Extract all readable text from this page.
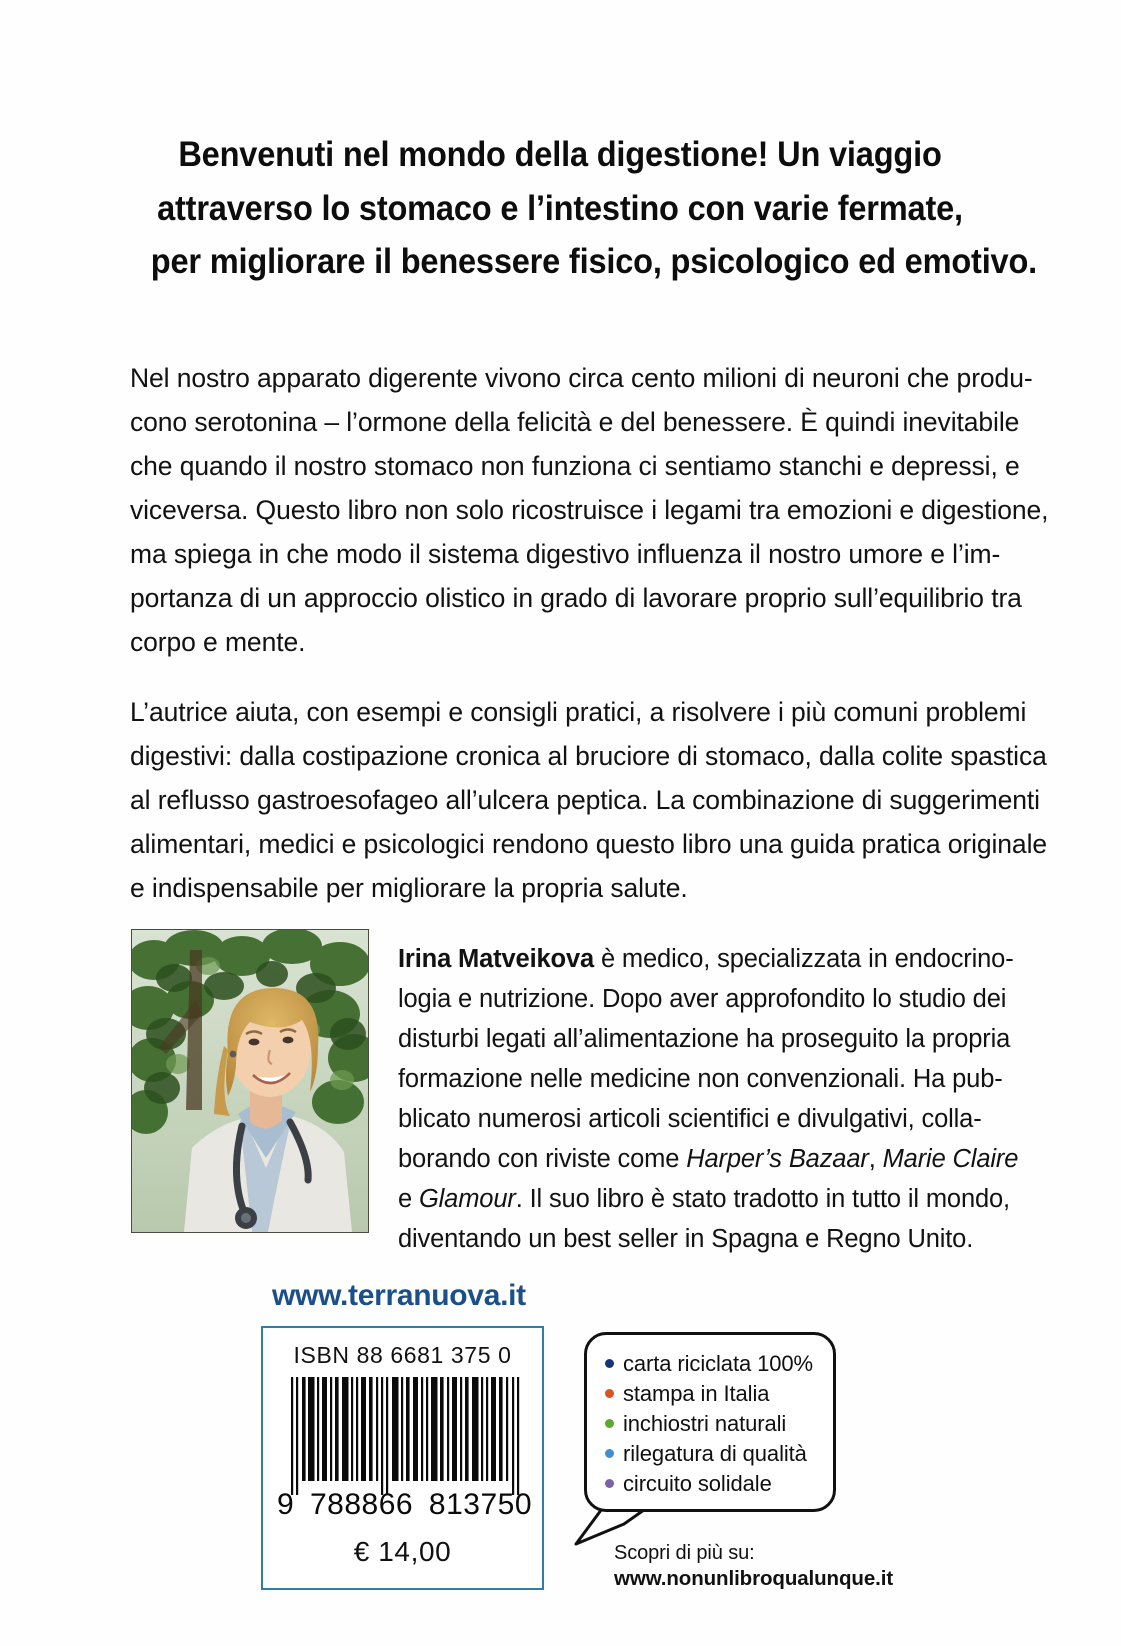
Benvenuti nel mondo della digestione! Un viaggio
attraverso lo stomaco e l’intestino con varie fermate,
per migliorare il benessere fisico, psicologico ed emotivo.

Nel nostro apparato digerente vivono circa cento milioni di neuroni che produ-
cono serotonina – l’ormone della felicità e del benessere. È quindi inevitabile
che quando il nostro stomaco non funziona ci sentiamo stanchi e depressi, e
viceversa. Questo libro non solo ricostruisce i legami tra emozioni e digestione,
ma spiega in che modo il sistema digestivo influenza il nostro umore e l’im-
portanza di un approccio olistico in grado di lavorare proprio sull’equilibrio tra
corpo e mente.

L’autrice aiuta, con esempi e consigli pratici, a risolvere i più comuni problemi
digestivi: dalla costipazione cronica al bruciore di stomaco, dalla colite spastica
al reflusso gastroesofageo all’ulcera peptica. La combinazione di suggerimenti
alimentari, medici e psicologici rendono questo libro una guida pratica originale
e indispensabile per migliorare la propria salute.

Irina Matveikova è medico, specializzata in endocrino-
logia e nutrizione. Dopo aver approfondito lo studio dei
disturbi legati all’alimentazione ha proseguito la propria
formazione nelle medicine non convenzionali. Ha pub-
blicato numerosi articoli scientifici e divulgativi, colla-
borando con riviste come Harper’s Bazaar, Marie Claire
e Glamour. Il suo libro è stato tradotto in tutto il mondo,
diventando un best seller in Spagna e Regno Unito.
www.terranuova.it
ISBN 88 6681 375 0
9 788866 813750
€ 14,00
carta riciclata 100%
stampa in Italia
inchiostri naturali
rilegatura di qualità
circuito solidale
Scopri di più su:
www.nonunlibroqualunque.it
